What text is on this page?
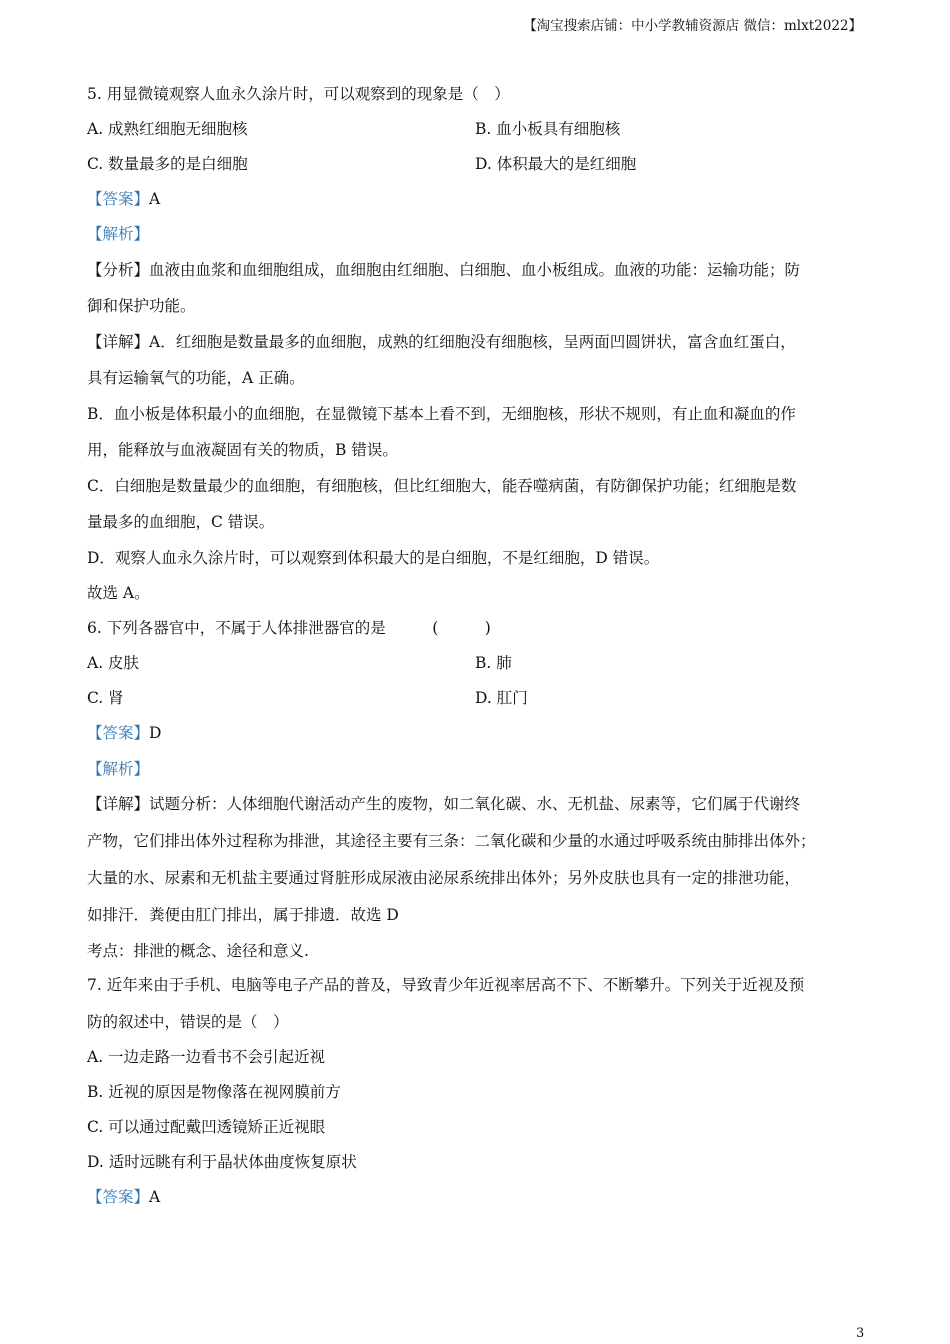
【淘宝搜索店铺：中小学教辅资源店 微信：mlxt2022】
5. 用显微镜观察人血永久涂片时，可以观察到的现象是（　）
A. 成熟红细胞无细胞核	B. 血小板具有细胞核
C. 数量最多的是白细胞	D. 体积最大的是红细胞
【答案】A
【解析】
【分析】血液由血浆和血细胞组成，血细胞由红细胞、白细胞、血小板组成。血液的功能：运输功能；防
御和保护功能。
【详解】A．红细胞是数量最多的血细胞，成熟的红细胞没有细胞核，呈两面凹圆饼状，富含血红蛋白，
具有运输氧气的功能，A 正确。
B．血小板是体积最小的血细胞，在显微镜下基本上看不到，无细胞核，形状不规则，有止血和凝血的作
用，能释放与血液凝固有关的物质，B 错误。
C．白细胞是数量最少的血细胞，有细胞核，但比红细胞大，能吞噬病菌，有防御保护功能；红细胞是数
量最多的血细胞，C 错误。
D．观察人血永久涂片时，可以观察到体积最大的是白细胞，不是红细胞，D 错误。
故选 A。
6. 下列各器官中，不属于人体排泄器官的是　　　(　　　)
A. 皮肤	B. 肺
C. 肾	D. 肛门
【答案】D
【解析】
【详解】试题分析：人体细胞代谢活动产生的废物，如二氧化碳、水、无机盐、尿素等，它们属于代谢终
产物，它们排出体外过程称为排泄，其途径主要有三条：二氧化碳和少量的水通过呼吸系统由肺排出体外；
大量的水、尿素和无机盐主要通过肾脏形成尿液由泌尿系统排出体外；另外皮肤也具有一定的排泄功能，
如排汗．粪便由肛门排出，属于排遗．故选 D
考点：排泄的概念、途径和意义.
7. 近年来由于手机、电脑等电子产品的普及，导致青少年近视率居高不下、不断攀升。下列关于近视及预
防的叙述中，错误的是（　）
A. 一边走路一边看书不会引起近视
B. 近视的原因是物像落在视网膜前方
C. 可以通过配戴凹透镜矫正近视眼
D. 适时远眺有利于晶状体曲度恢复原状
【答案】A
3
